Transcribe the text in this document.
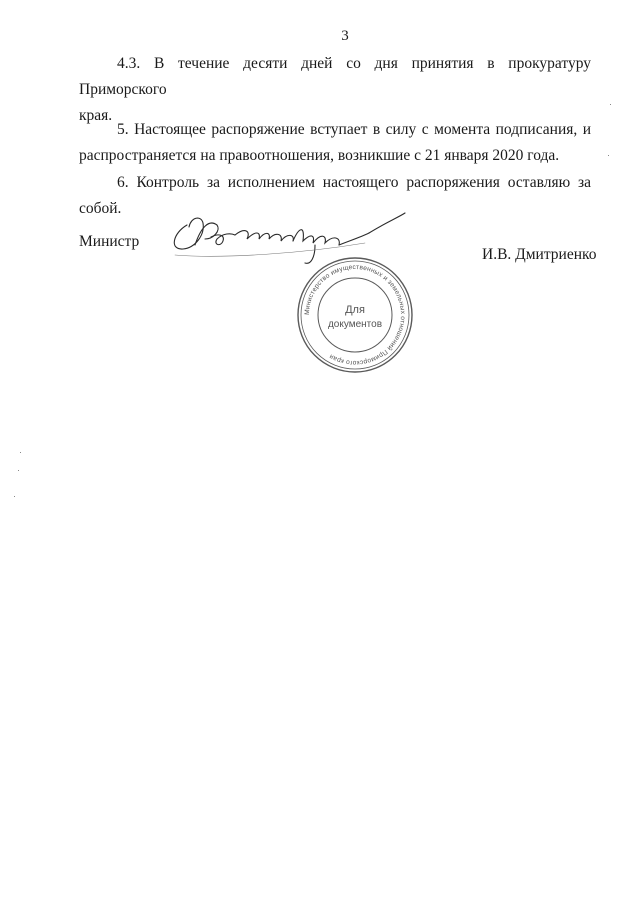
3
4.3. В течение десяти дней со дня принятия в прокуратуру Приморского
края.
5. Настоящее распоряжение вступает в силу с момента подписания, и
распространяется на правоотношения, возникшие с 21 января 2020 года.
6. Контроль за исполнением настоящего распоряжения оставляю за собой.
Министр
И.В. Дмитриенко
Министерство имущественных и земельных отношений Приморского края
Для
документов
